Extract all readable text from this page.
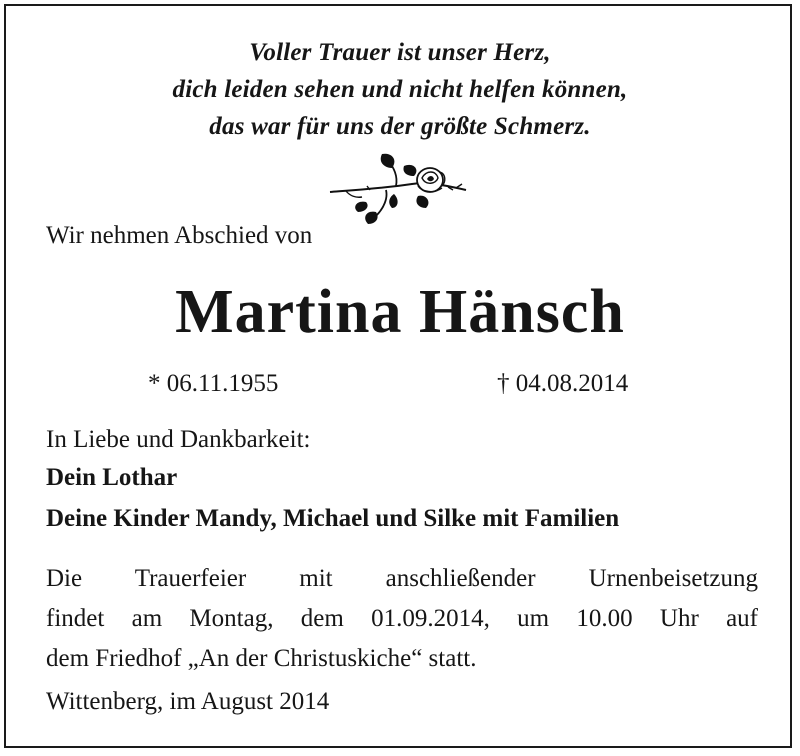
Voller Trauer ist unser Herz,
dich leiden sehen und nicht helfen können,
das war für uns der größte Schmerz.
Wir nehmen Abschied von
Martina Hänsch
* 06.11.1955	† 04.08.2014
In Liebe und Dankbarkeit:
Dein Lothar
Deine Kinder Mandy, Michael und Silke mit Familien
Die Trauerfeier mit anschließender Urnenbeisetzung
findet am Montag, dem 01.09.2014, um 10.00 Uhr auf
dem Friedhof „An der Christuskiche“ statt.
Wittenberg, im August 2014
